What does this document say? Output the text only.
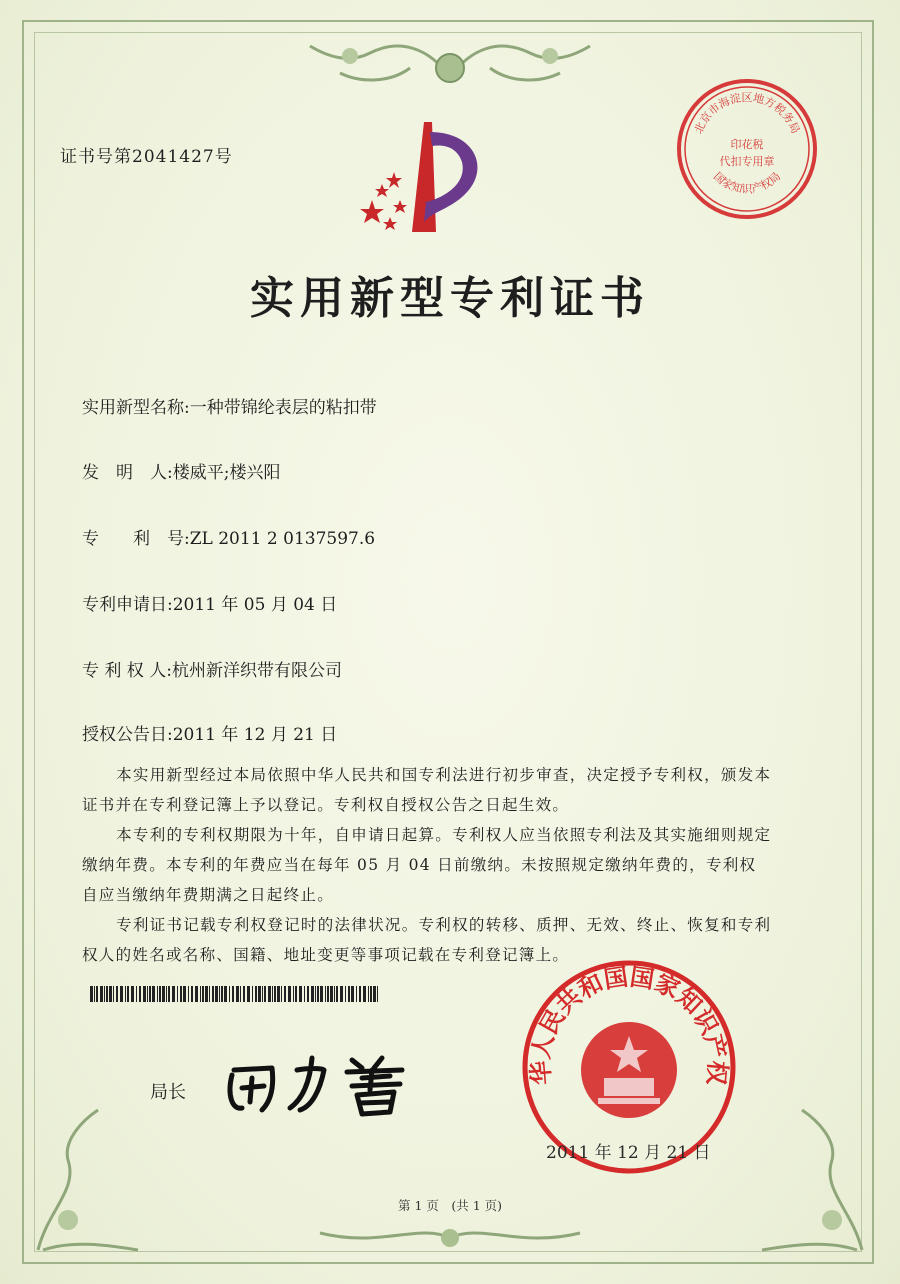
北京市海淀区地方税务局
国家知识产权局
印花税
代扣专用章
证书号第2041427号
实用新型专利证书
实用新型名称:一种带锦纶表层的粘扣带
发　明　人:楼威平;楼兴阳
专　　利　号:ZL 2011 2 0137597.6
专利申请日:2011 年 05 月 04 日
专 利 权 人:杭州新洋织带有限公司
授权公告日:2011 年 12 月 21 日

本实用新型经过本局依照中华人民共和国专利法进行初步审查，决定授予专利权，颁发本证书并在专利登记簿上予以登记。专利权自授权公告之日起生效。

本专利的专利权期限为十年，自申请日起算。专利权人应当依照专利法及其实施细则规定缴纳年费。本专利的年费应当在每年 05 月 04 日前缴纳。未按照规定缴纳年费的，专利权自应当缴纳年费期满之日起终止。

专利证书记载专利权登记时的法律状况。专利权的转移、质押、无效、终止、恢复和专利权人的姓名或名称、国籍、地址变更等事项记载在专利登记簿上。

局长
华人民共和国国家知识产权
2011 年 12 月 21 日
第 1 页　(共 1 页)
